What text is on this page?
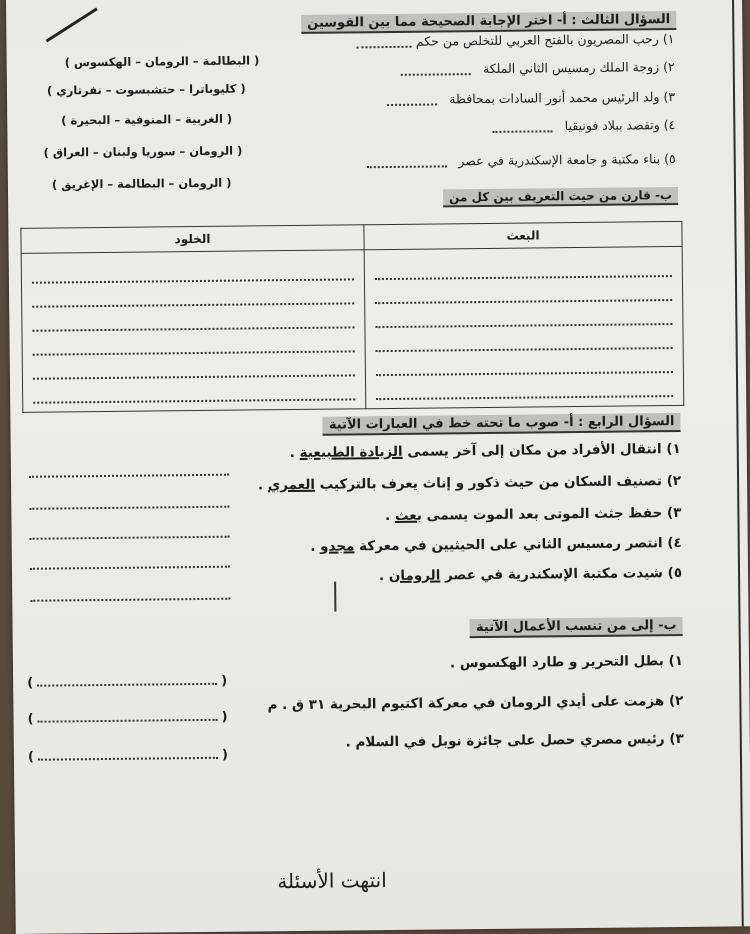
السؤال الثالث : أ- اختر الإجابة الصحيحة مما بين القوسين
١) رحب المصريون بالفتح العربي للتخلص من حكم
٢) زوجة الملك رمسيس الثاني الملكة
٣) ولد الرئيس محمد أنور السادات بمحافظة
٤) وتقصد ببلاد فونيقيا
٥) بناء مكتبة و جامعة الإسكندرية في عصر
( البطالمة – الرومان – الهكسوس )
( كليوباترا – حتشبسوت – نفرتاري )
( الغربية – المنوفية – البحيرة )
( الرومان – سوريا ولبنان – العراق )
( الرومان – البطالمة – الإغريق )
ب- قارن من حيث التعريف بين كل من
الخلود	البعث

السؤال الرابع : أ- صوب ما تحته خط في العبارات الآتية
١) انتقال الأفراد من مكان إلى آخر يسمى الزيادة الطبيعية .
٢) تصنيف السكان من حيث ذكور و إناث يعرف بالتركيب العمري .
٣) حفظ جثث الموتى بعد الموت يسمى بعث .
٤) انتصر رمسيس الثاني على الحيثيين في معركة مجدو .
٥) شيدت مكتبة الإسكندرية في عصر الرومان .
ب- إلى من تنسب الأعمال الآتية
١) بطل التحرير و طارد الهكسوس .
٢) هزمت على أيدي الرومان في معركة اكتيوم البحرية ٣١ ق . م
٣) رئيس مصري حصل على جائزة نوبل في السلام .
(	)
(	)
(	)
انتهت الأسئلة
